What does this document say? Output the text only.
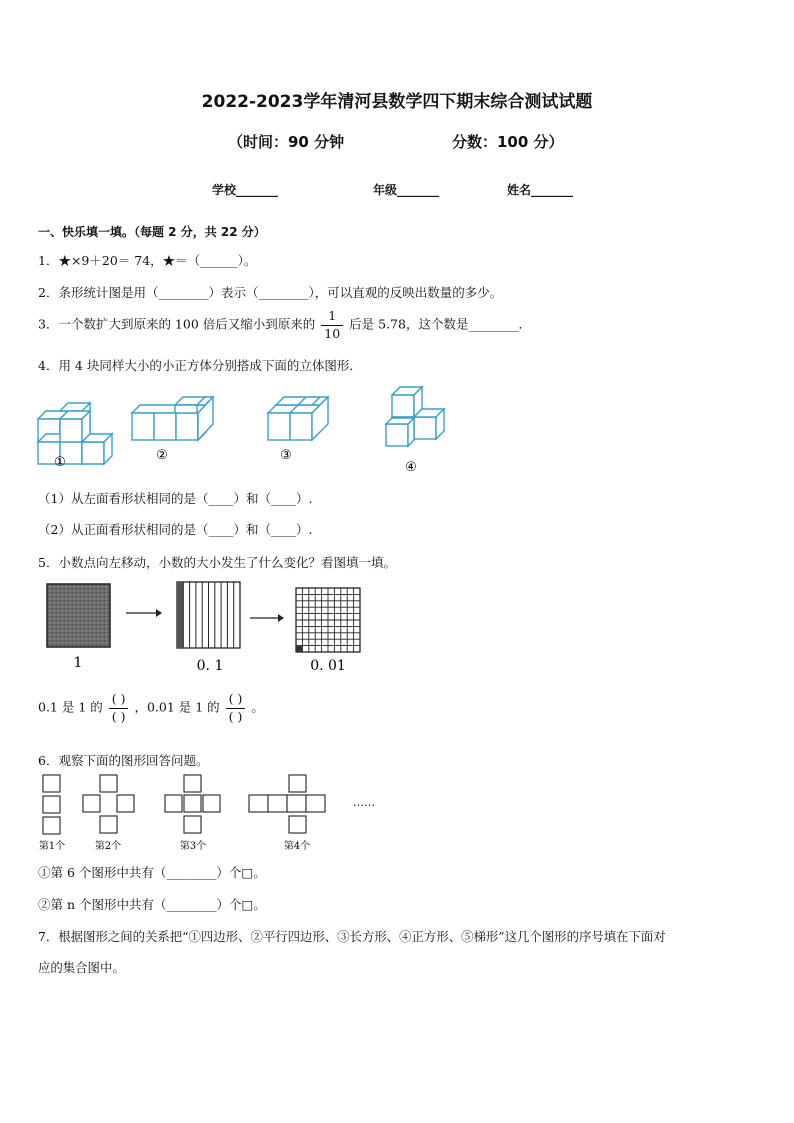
2022-2023学年清河县数学四下期末综合测试试题
（时间：90 分钟	分数：100 分）
学校_______	年级_______	姓名_______
一、快乐填一填。（每题 2 分，共 22 分）
1．★×9＋20＝ 74，★＝（______）。
2．条形统计图是用（________）表示（________），可以直观的反映出数量的多少。
3．一个数扩大到原来的 100 倍后又缩小到原来的 $\frac{1}{10}$ 后是 5.78，这个数是________．
4．用 4 块同样大小的小正方体分别搭成下面的立体图形．
①	②	③
④
（1）从左面看形状相同的是（____）和（____）.
（2）从正面看形状相同的是（____）和（____）.
5．小数点向左移动，小数的大小发生了什么变化？看图填一填。
1	0. 1	0. 01
0.1 是 1 的 $\frac{( )}{( )}$ ，0.01 是 1 的 $\frac{( )}{( )}$ 。
6．观察下面的图形回答问题。
第1个	第2个	第3个	第4个
……
①第 6 个图形中共有（________）个□。
②第 n 个图形中共有（________）个□。
7．根据图形之间的关系把“①四边形、②平行四边形、③长方形、④正方形、⑤梯形”这几个图形的序号填在下面对
应的集合图中。
